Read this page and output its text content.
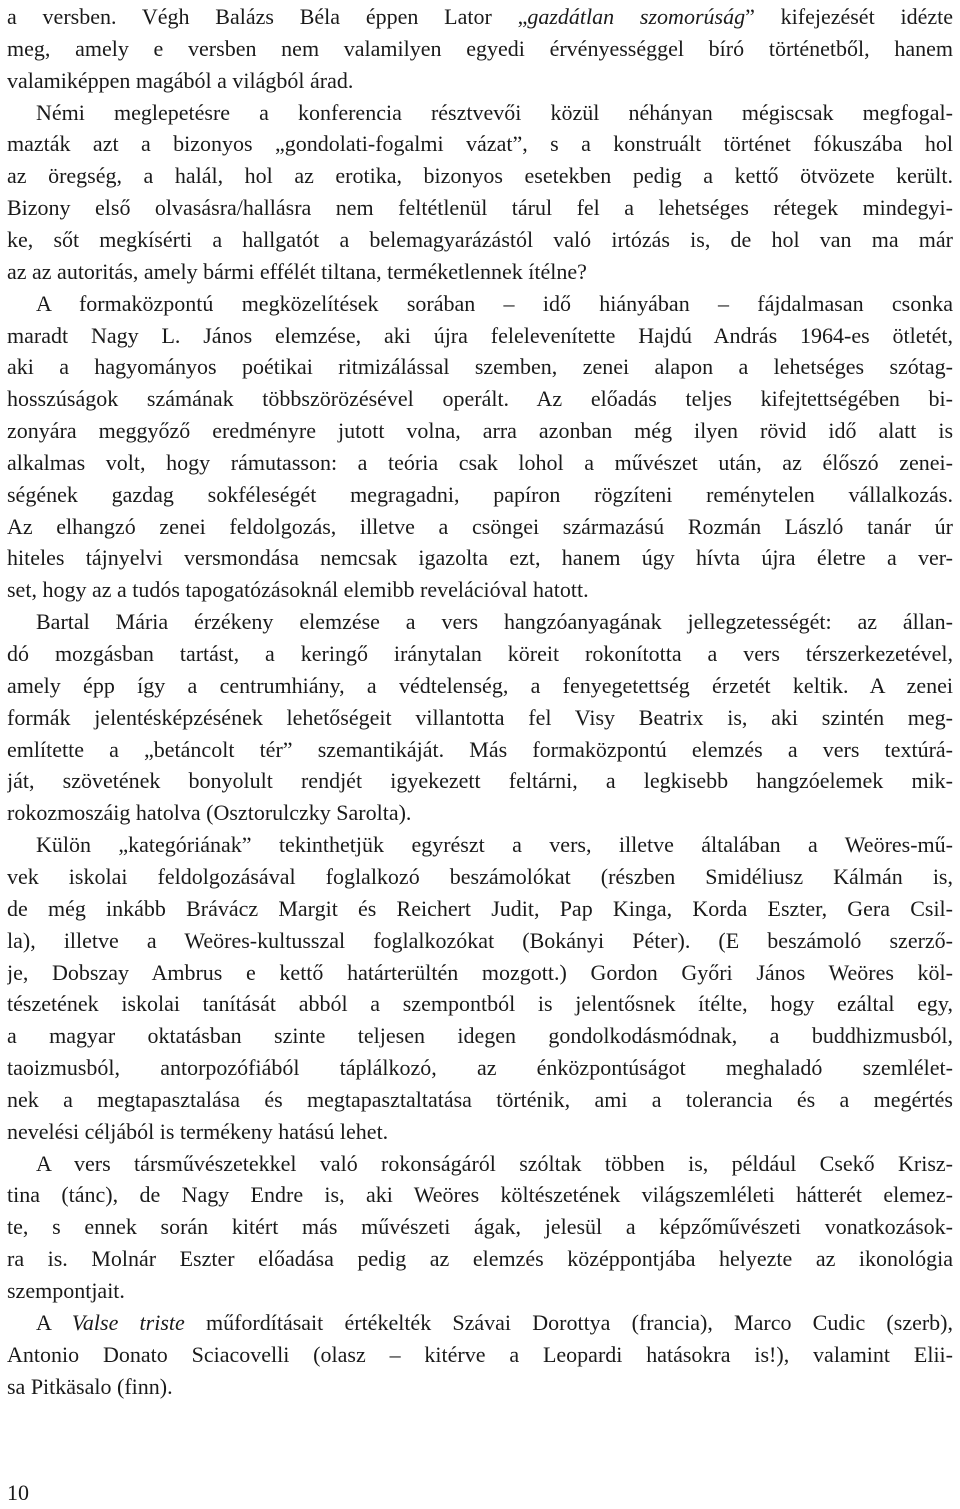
a versben. Végh Balázs Béla éppen Lator „gazdátlan szomorúság” kifejezését idézte
meg, amely e versben nem valamilyen egyedi érvényességgel bíró történetből, hanem
valamiképpen magából a világból árad.
Némi meglepetésre a konferencia résztvevői közül néhányan mégiscsak megfogal-
mazták azt a bizonyos „gondolati-fogalmi vázat”, s a konstruált történet fókuszába hol
az öregség, a halál, hol az erotika, bizonyos esetekben pedig a kettő ötvözete került.
Bizony első olvasásra/hallásra nem feltétlenül tárul fel a lehetséges rétegek mindegyi-
ke, sőt megkísérti a hallgatót a belemagyarázástól való irtózás is, de hol van ma már
az az autoritás, amely bármi effélét tiltana, terméketlennek ítélne?
A formaközpontú megközelítések sorában – idő hiányában – fájdalmasan csonka
maradt Nagy L. János elemzése, aki újra felelevenítette Hajdú András 1964-es ötletét,
aki a hagyományos poétikai ritmizálással szemben, zenei alapon a lehetséges szótag-
hosszúságok számának többszörözésével operált. Az előadás teljes kifejtettségében bi-
zonyára meggyőző eredményre jutott volna, arra azonban még ilyen rövid idő alatt is
alkalmas volt, hogy rámutasson: a teória csak lohol a művészet után, az élőszó zenei-
ségének gazdag sokféleségét megragadni, papíron rögzíteni reménytelen vállalkozás.
Az elhangzó zenei feldolgozás, illetve a csöngei származású Rozmán László tanár úr
hiteles tájnyelvi versmondása nemcsak igazolta ezt, hanem úgy hívta újra életre a ver-
set, hogy az a tudós tapogatózásoknál elemibb revelációval hatott.
Bartal Mária érzékeny elemzése a vers hangzóanyagának jellegzetességét: az állan-
dó mozgásban tartást, a keringő iránytalan köreit rokonította a vers térszerkezetével,
amely épp így a centrumhiány, a védtelenség, a fenyegetettség érzetét keltik. A zenei
formák jelentésképzésének lehetőségeit villantotta fel Visy Beatrix is, aki szintén meg-
említette a „betáncolt tér” szemantikáját. Más formaközpontú elemzés a vers textúrá-
ját, szövetének bonyolult rendjét igyekezett feltárni, a legkisebb hangzóelemek mik-
rokozmoszáig hatolva (Osztorulczky Sarolta).
Külön „kategóriának” tekinthetjük egyrészt a vers, illetve általában a Weöres-mű-
vek iskolai feldolgozásával foglalkozó beszámolókat (részben Smidéliusz Kálmán is,
de még inkább Brávácz Margit és Reichert Judit, Pap Kinga, Korda Eszter, Gera Csil-
la), illetve a Weöres-kultusszal foglalkozókat (Bokányi Péter). (E beszámoló szerző-
je, Dobszay Ambrus e kettő határterültén mozgott.) Gordon Győri János Weöres köl-
tészetének iskolai tanítását abból a szempontból is jelentősnek ítélte, hogy ezáltal egy,
a magyar oktatásban szinte teljesen idegen gondolkodásmódnak, a buddhizmusból,
taoizmusból, antorpozófiából táplálkozó, az énközpontúságot meghaladó szemlélet-
nek a megtapasztalása és megtapasztaltatása történik, ami a tolerancia és a megértés
nevelési céljából is termékeny hatású lehet.
A vers társművészetekkel való rokonságáról szóltak többen is, például Csekő Krisz-
tina (tánc), de Nagy Endre is, aki Weöres költészetének világszemléleti hátterét elemez-
te, s ennek során kitért más művészeti ágak, jelesül a képzőművészeti vonatkozások-
ra is. Molnár Eszter előadása pedig az elemzés középpontjába helyezte az ikonológia
szempontjait.
A Valse triste műfordításait értékelték Szávai Dorottya (francia), Marco Cudic (szerb),
Antonio Donato Sciacovelli (olasz – kitérve a Leopardi hatásokra is!), valamint Elii-
sa Pitkäsalo (finn).
10
